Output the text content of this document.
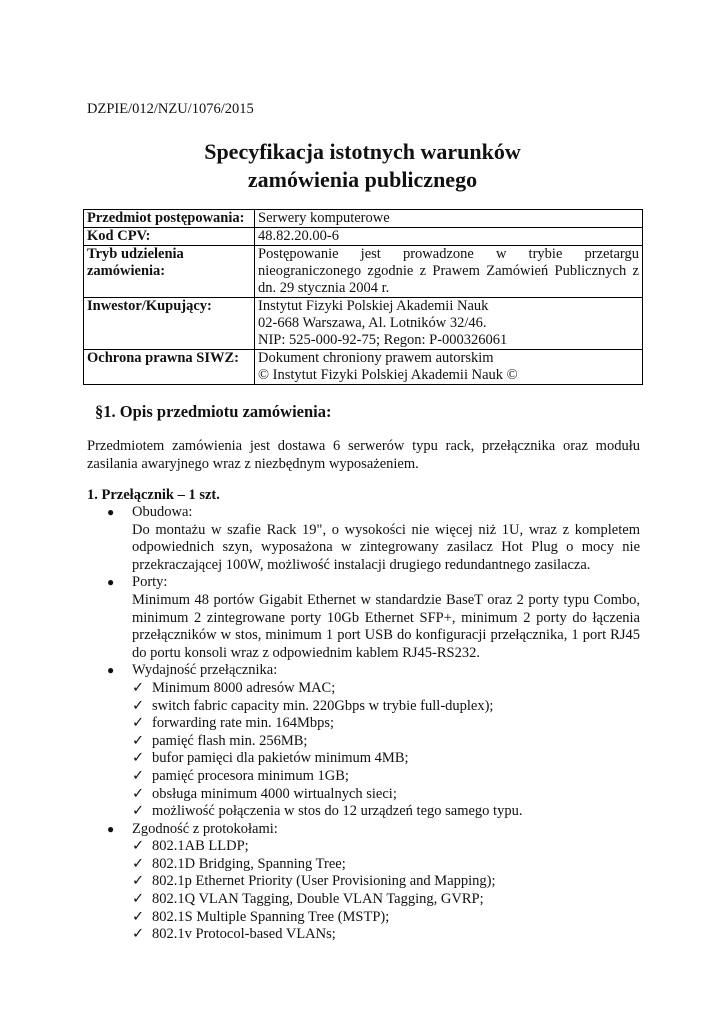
DZPIE/012/NZU/1076/2015
Specyfikacja istotnych warunków
zamówienia publicznego
Przedmiot postępowania:	Serwery komputerowe
Kod CPV:	48.82.20.00-6
Tryb udzielenia zamówienia:	Postępowanie jest prowadzone w trybie przetargu nieograniczonego zgodnie z Prawem Zamówień Publicznych z dn. 29 stycznia 2004 r.
Inwestor/Kupujący:	Instytut Fizyki Polskiej Akademii Nauk
02-668 Warszawa, Al. Lotników 32/46.
NIP: 525-000-92-75; Regon: P-000326061

Ochrona prawna SIWZ:	Dokument chroniony prawem autorskim
© Instytut Fizyki Polskiej Akademii Nauk ©
§1. Opis przedmiotu zamówienia:
Przedmiotem zamówienia jest dostawa 6 serwerów typu rack, przełącznika oraz modułu zasilania awaryjnego wraz z niezbędnym wyposażeniem.
1. Przełącznik – 1 szt.
● Obudowa:
Do montażu w szafie Rack 19", o wysokości nie więcej niż 1U, wraz z kompletem odpowiednich szyn, wyposażona w zintegrowany zasilacz Hot Plug o mocy nie przekraczającej 100W, możliwość instalacji drugiego redundantnego zasilacza.
● Porty:
Minimum 48 portów Gigabit Ethernet w standardzie BaseT oraz 2 porty typu Combo, minimum 2 zintegrowane porty 10Gb Ethernet SFP+, minimum 2 porty do łączenia przełączników w stos, minimum 1 port USB do konfiguracji przełącznika, 1 port RJ45 do portu konsoli wraz z odpowiednim kablem RJ45-RS232.
● Wydajność przełącznika:
✓ Minimum 8000 adresów MAC;
✓ switch fabric capacity min. 220Gbps w trybie full-duplex);
✓ forwarding rate min. 164Mbps;
✓ pamięć flash min. 256MB;
✓ bufor pamięci dla pakietów minimum 4MB;
✓ pamięć procesora minimum 1GB;
✓ obsługa minimum 4000 wirtualnych sieci;
✓ możliwość połączenia w stos do 12 urządzeń tego samego typu.
● Zgodność z protokołami:
✓ 802.1AB LLDP;
✓ 802.1D Bridging, Spanning Tree;
✓ 802.1p Ethernet Priority (User Provisioning and Mapping);
✓ 802.1Q VLAN Tagging, Double VLAN Tagging, GVRP;
✓ 802.1S Multiple Spanning Tree (MSTP);
✓ 802.1v Protocol-based VLANs;
